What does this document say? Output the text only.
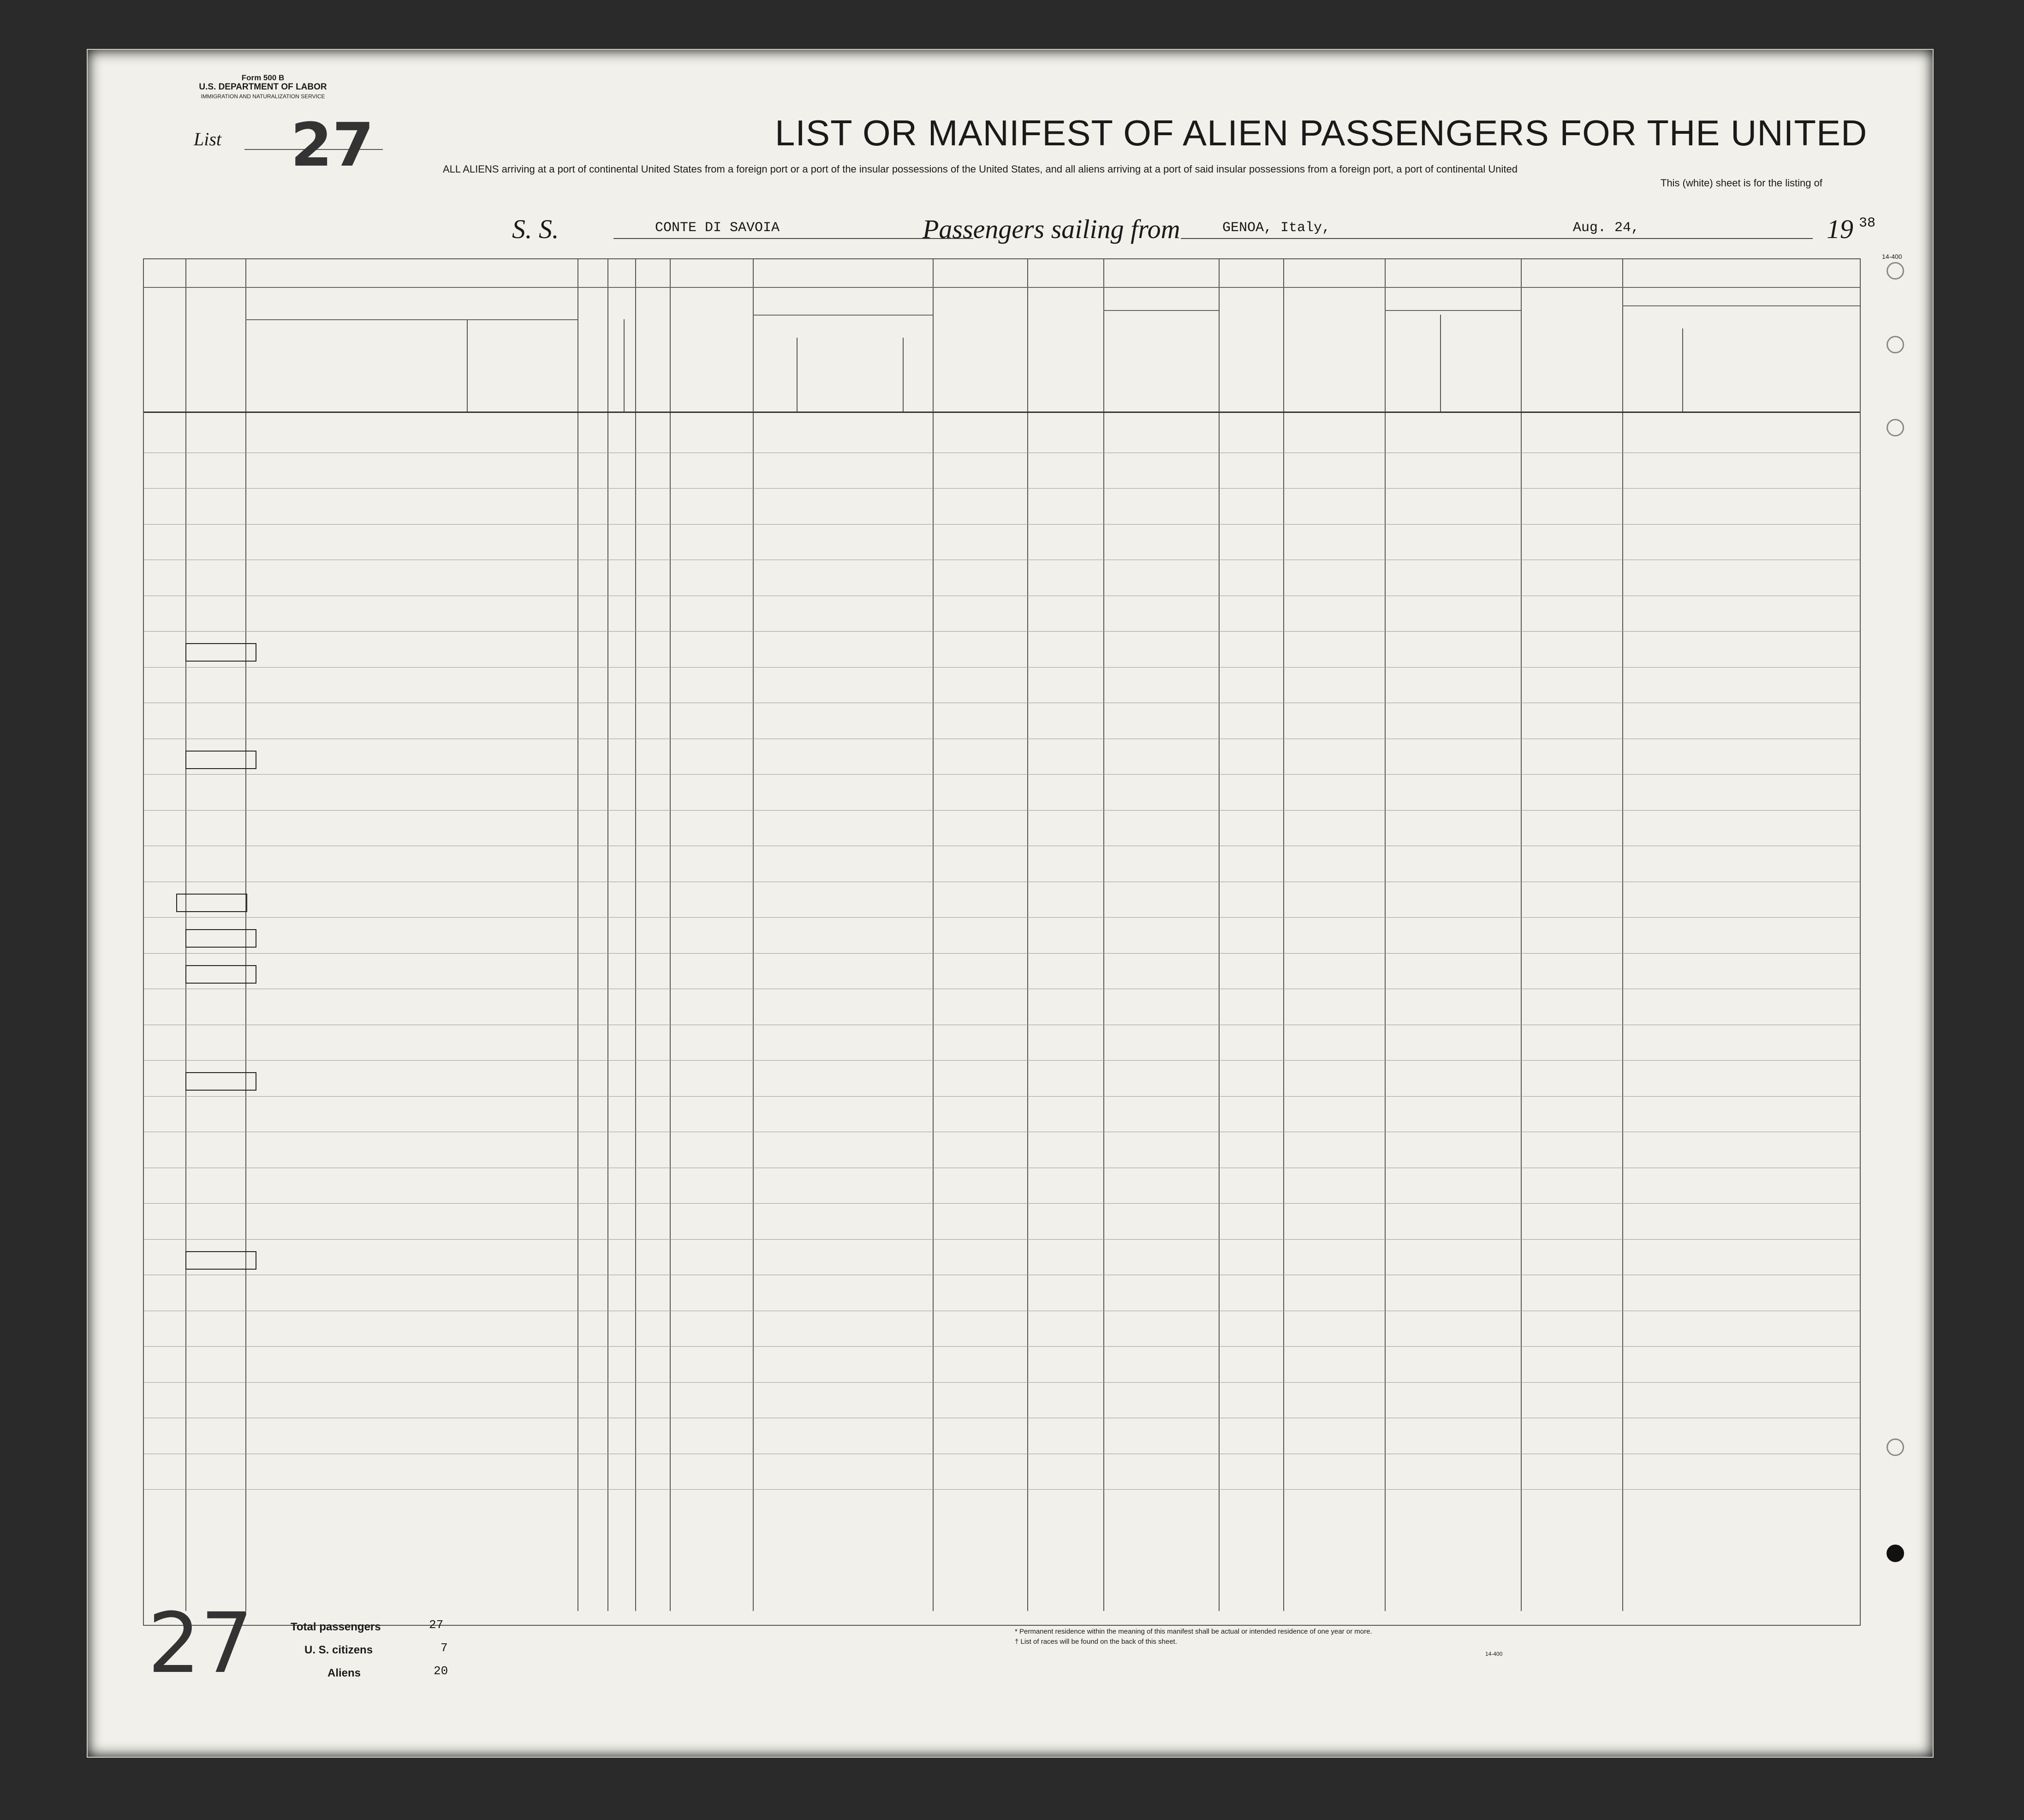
Form 500 B
U.S. DEPARTMENT OF LABOR
IMMIGRATION AND NATURALIZATION SERVICE
List 27	LIST OR MANIFEST OF ALIEN PASSENGERS FOR THE UNITED
ALL ALIENS arriving at a port of continental United States from a foreign port or a port of the insular possessions of the United States, and all aliens arriving at a port of said insular possessions from a foreign port, a port of continental United
This (white) sheet is for the listing of
S. S.	CONTE DI SAVOIA	Passengers sailing from	GENOA, Italy,	Aug. 24,	19 38
14-400
27	Total passengers	27
U. S. citizens	7
Aliens	20
* Permanent residence within the meaning of this manifest shall be actual or intended residence of one year or more.
† List of races will be found on the back of this sheet.
14-400
